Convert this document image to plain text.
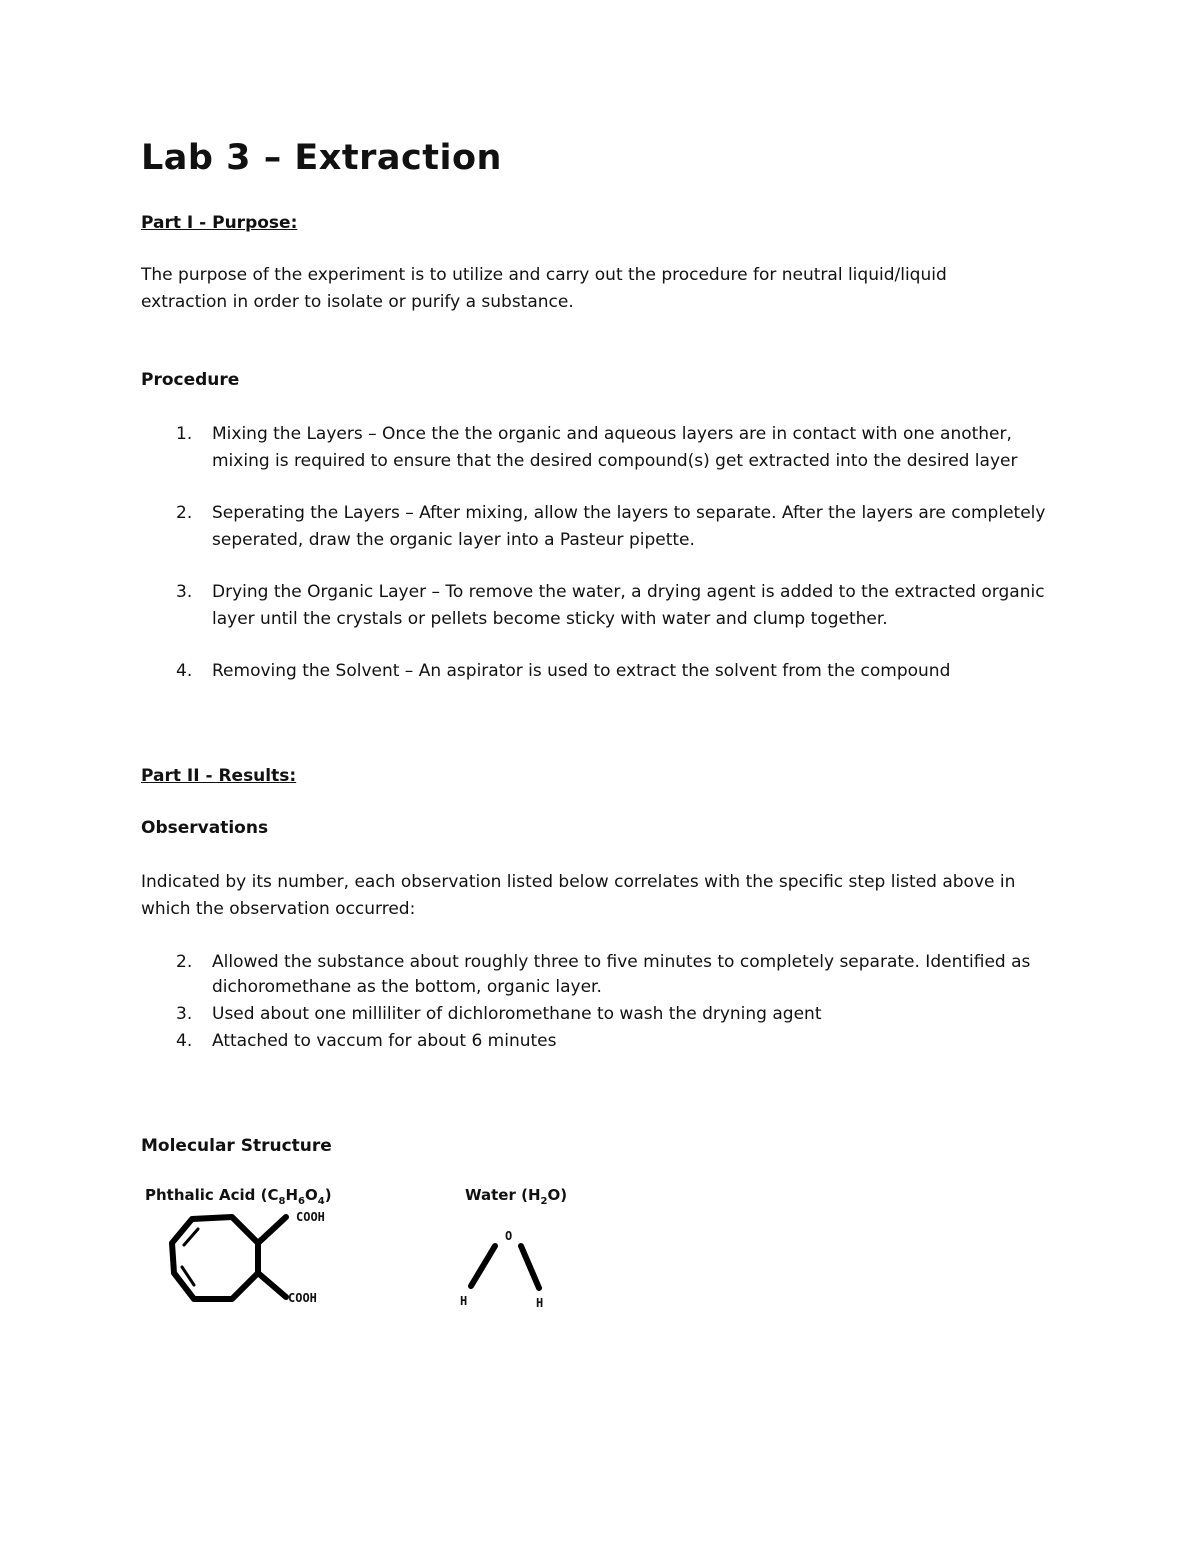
Lab 3 – Extraction
Part I - Purpose:
The purpose of the experiment is to utilize and carry out the procedure for neutral liquid/liquid
extraction in order to isolate or purify a substance.
Procedure
1. Mixing the Layers – Once the the organic and aqueous layers are in contact with one another,
mixing is required to ensure that the desired compound(s) get extracted into the desired layer
2. Seperating the Layers – After mixing, allow the layers to separate. After the layers are completely
seperated, draw the organic layer into a Pasteur pipette.
3. Drying the Organic Layer – To remove the water, a drying agent is added to the extracted organic
layer until the crystals or pellets become sticky with water and clump together.
4. Removing the Solvent – An aspirator is used to extract the solvent from the compound
Part II - Results:
Observations
Indicated by its number, each observation listed below correlates with the specific step listed above in
which the observation occurred:
2. Allowed the substance about roughly three to five minutes to completely separate. Identified as
dichoromethane as the bottom, organic layer.
3. Used about one milliliter of dichloromethane to wash the dryning agent
4. Attached to vaccum for about 6 minutes
Molecular Structure
Phthalic Acid $(C_8H_6O_4)$	Water $(H_2O)$
COOH
COOH
O
H	H
